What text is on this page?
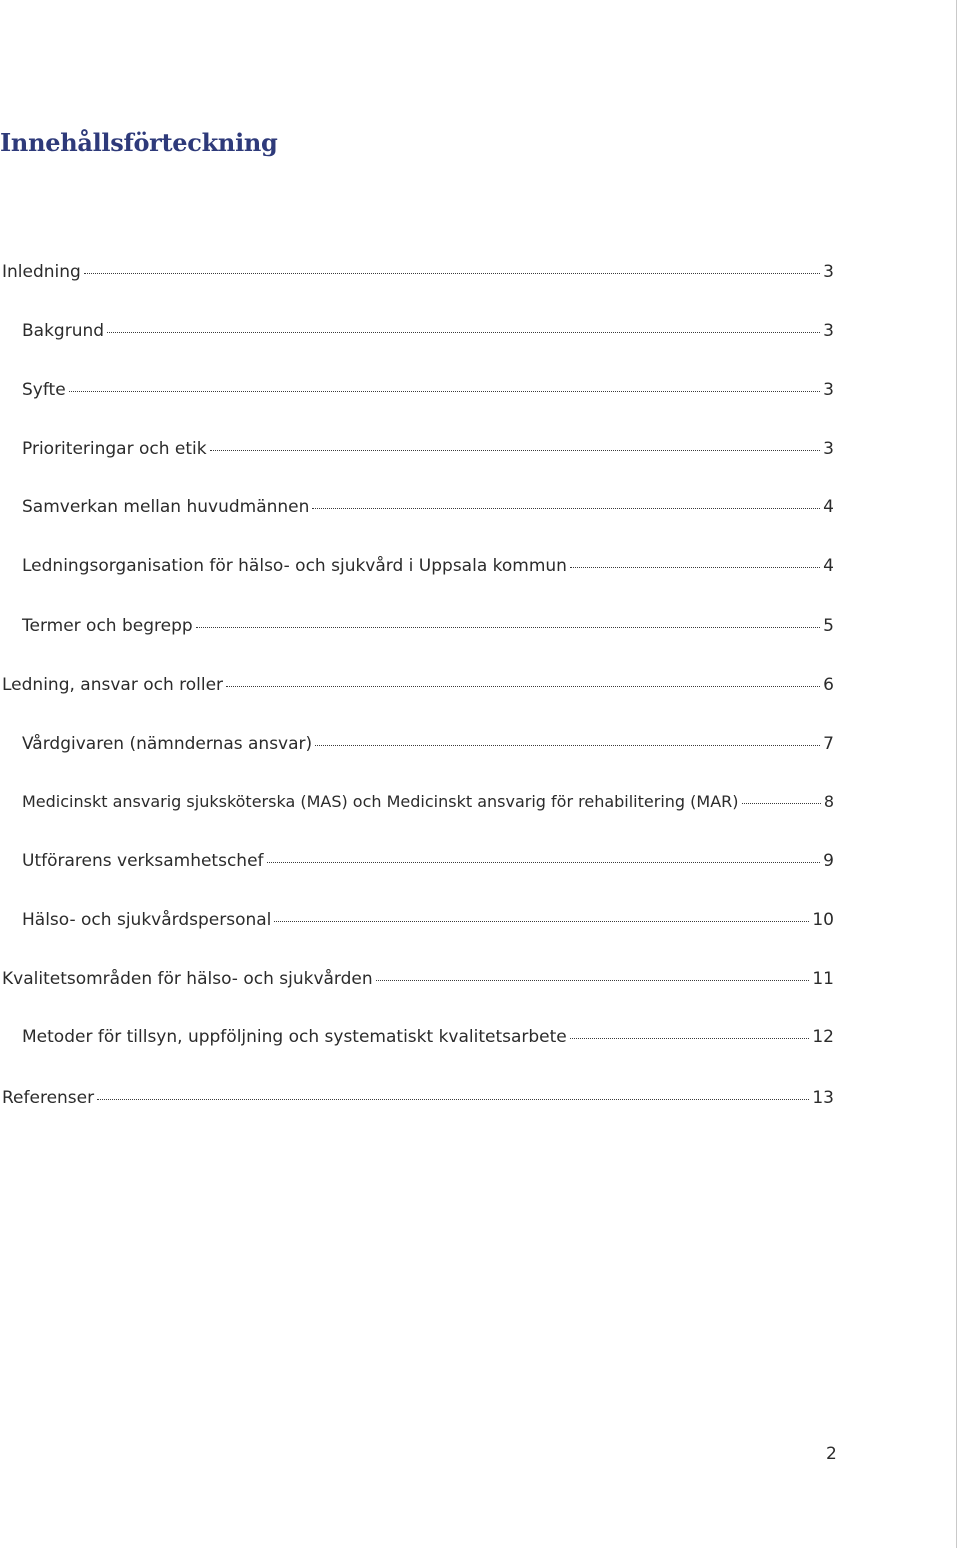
Innehållsförteckning
Inledning	3
Bakgrund	3
Syfte	3
Prioriteringar och etik	3
Samverkan mellan huvudmännen	4
Ledningsorganisation för hälso- och sjukvård i Uppsala kommun	4
Termer och begrepp	5
Ledning, ansvar och roller	6
Vårdgivaren (nämndernas ansvar)	7
Medicinskt ansvarig sjuksköterska (MAS) och Medicinskt ansvarig för rehabilitering (MAR)	8
Utförarens verksamhetschef	9
Hälso- och sjukvårdspersonal	10
Kvalitetsområden för hälso- och sjukvården	11
Metoder för tillsyn, uppföljning och systematiskt kvalitetsarbete	12
Referenser	13
2
